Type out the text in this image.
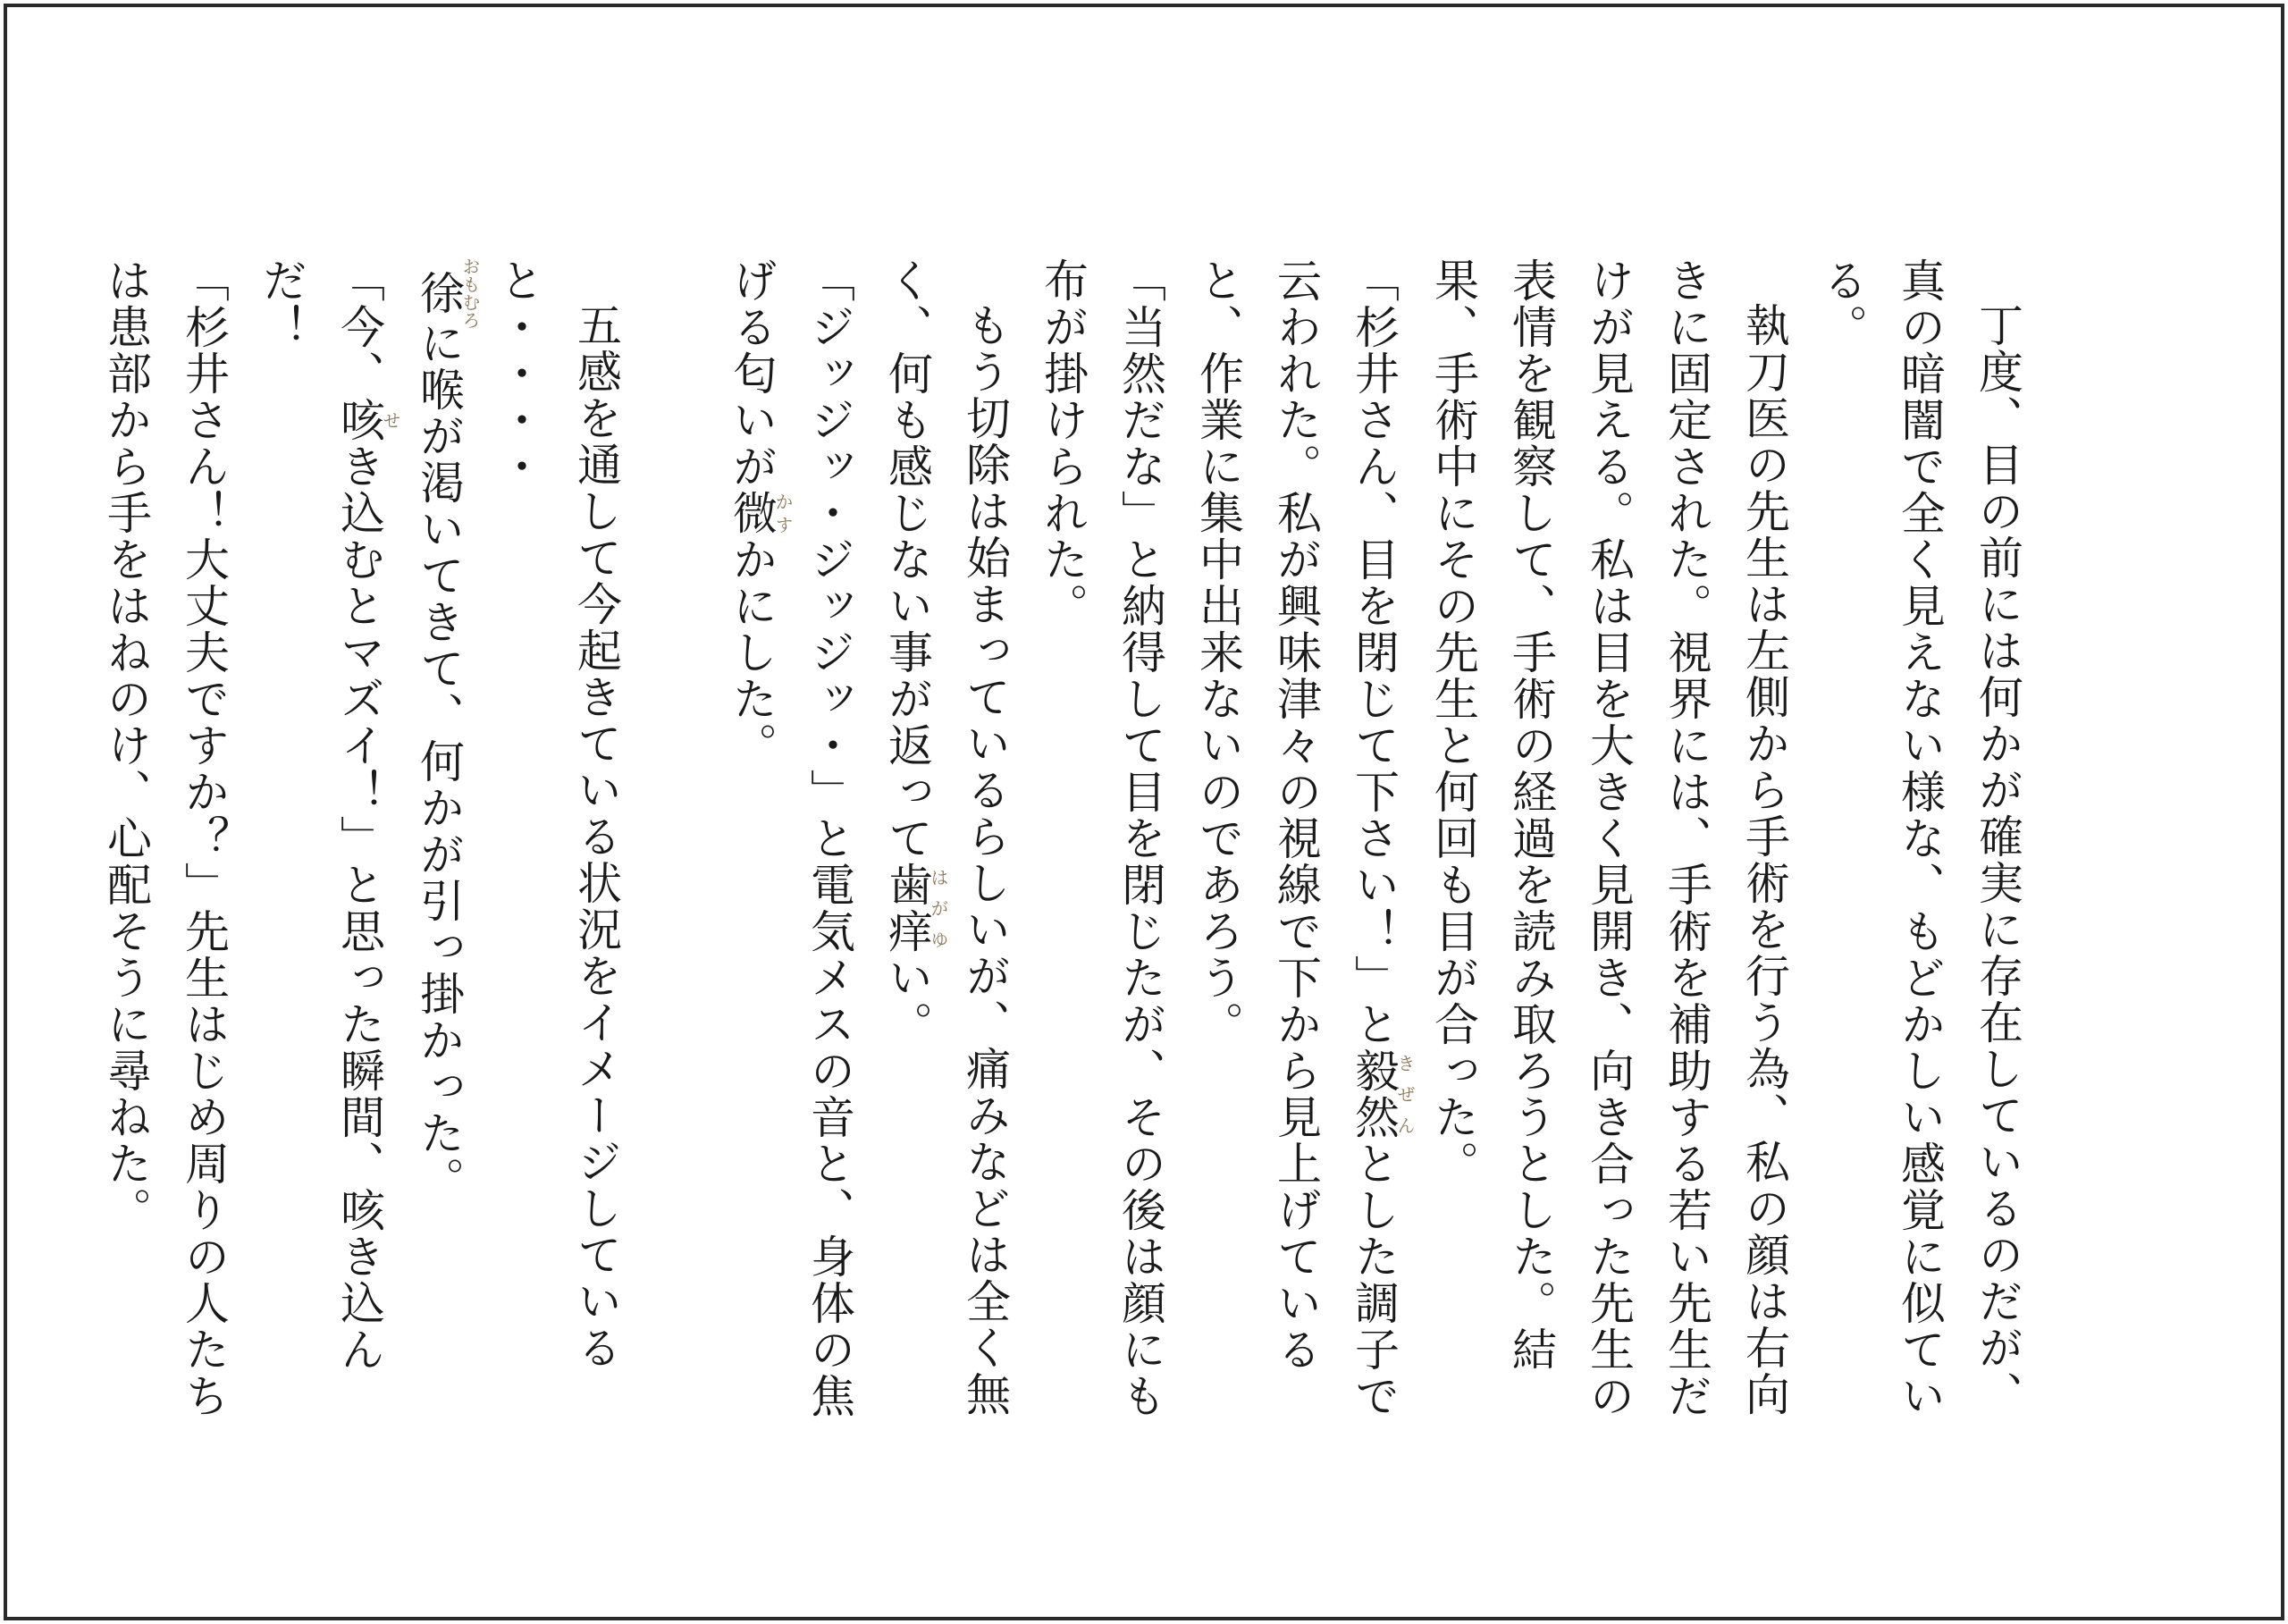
丁度、目の前には何かが確実に存在しているのだが、真の暗闇で全く見えない様な、もどかしい感覚に似ている。

執刀医の先生は左側から手術を行う為、私の顔は右向きに固定された。視界には、手術を補助する若い先生だけが見える。私は目を大きく見開き、向き合った先生の表情を観察して、手術の経過を読み取ろうとした。結果、手術中にその先生と何回も目が合った。

「杉井さん、目を閉じて下さい！」と毅然きぜんとした調子で云われた。私が興味津々の視線で下から見上げていると、作業に集中出来ないのであろう。

「当然だな」と納得して目を閉じたが、その後は顔にも布が掛けられた。

もう切除は始まっているらしいが、痛みなどは全く無く、何も感じない事が返って歯痒はがゆい。

「ジッジッ・ジッジッ・」と電気メスの音と、身体の焦げる匂いが微かすかにした。

五感を通して今起きている状況をイメージしていると・・・・

徐おもむろに喉が渇いてきて、何かが引っ掛かった。

「今、咳せき込むとマズイ！」と思った瞬間、咳き込んだ！

「杉井さん！大丈夫ですか？」先生はじめ周りの人たちは患部から手をはねのけ、心配そうに尋ねた。
